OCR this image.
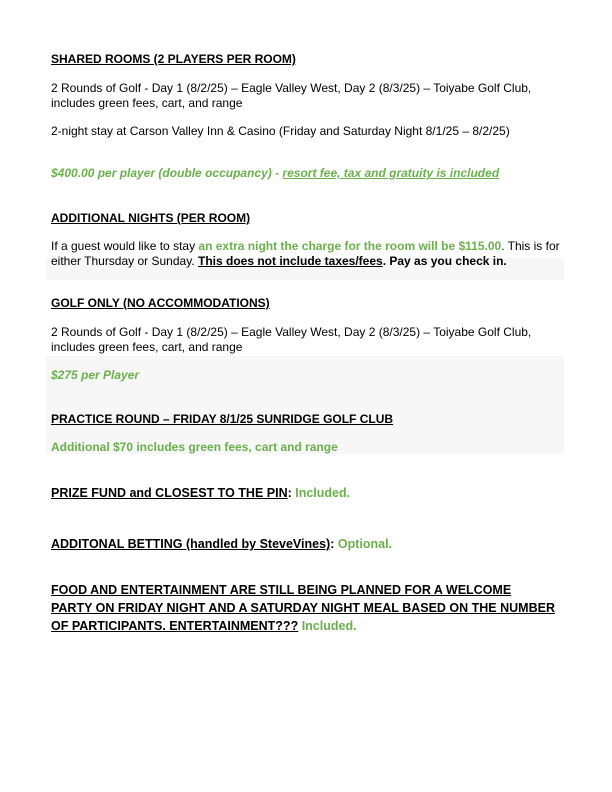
SHARED ROOMS (2 PLAYERS PER ROOM)
2 Rounds of Golf - Day 1 (8/2/25) – Eagle Valley West, Day 2 (8/3/25) – Toiyabe Golf Club, includes green fees, cart, and range
2-night stay at Carson Valley Inn & Casino (Friday and Saturday Night 8/1/25 – 8/2/25)
$400.00 per player (double occupancy) - resort fee, tax and gratuity is included
ADDITIONAL NIGHTS (PER ROOM)
If a guest would like to stay an extra night the charge for the room will be $115.00. This is for either Thursday or Sunday. This does not include taxes/fees. Pay as you check in.
GOLF ONLY (NO ACCOMMODATIONS)
2 Rounds of Golf - Day 1 (8/2/25) – Eagle Valley West, Day 2 (8/3/25) – Toiyabe Golf Club, includes green fees, cart, and range
$275 per Player
PRACTICE ROUND – FRIDAY 8/1/25 SUNRIDGE GOLF CLUB
Additional $70 includes green fees, cart and range
PRIZE FUND and CLOSEST TO THE PIN: Included.
ADDITONAL BETTING (handled by SteveVines): Optional.
FOOD AND ENTERTAINMENT ARE STILL BEING PLANNED FOR A WELCOME PARTY ON FRIDAY NIGHT AND A SATURDAY NIGHT MEAL BASED ON THE NUMBER OF PARTICIPANTS. ENTERTAINMENT??? Included.
